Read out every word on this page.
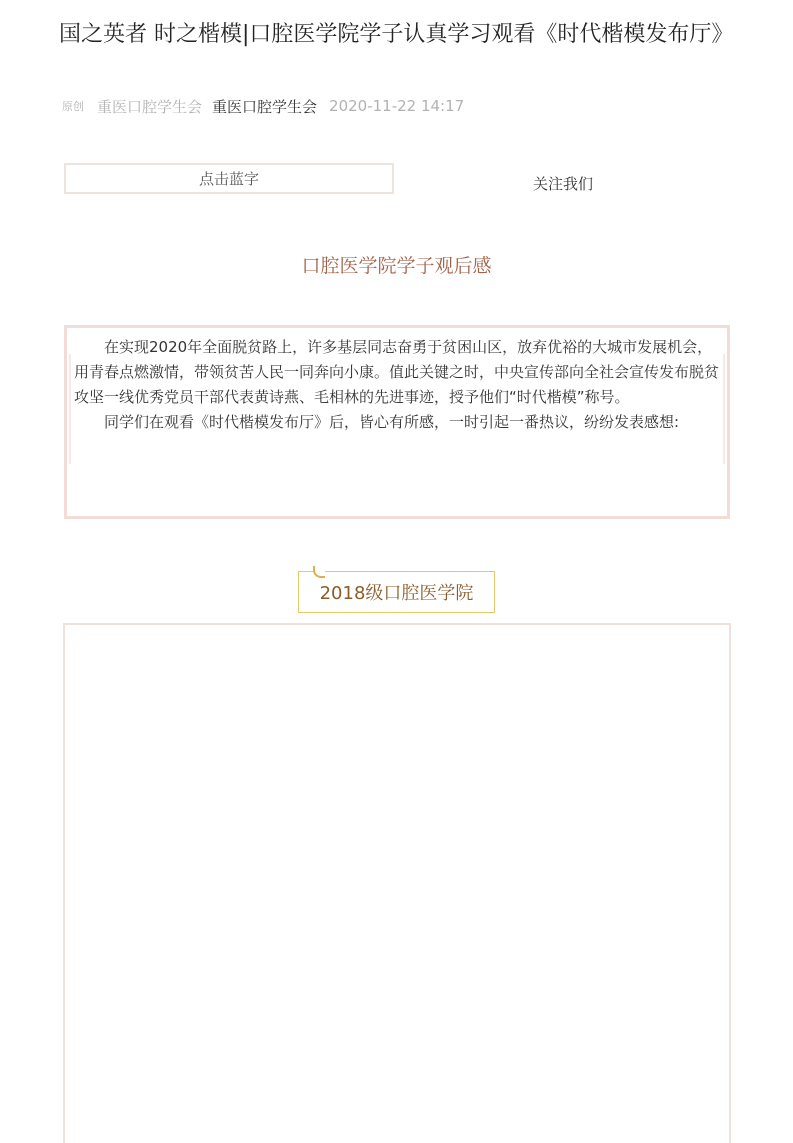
国之英者 时之楷模|口腔医学院学子认真学习观看《时代楷模发布厅》
原创 重医口腔学生会 重医口腔学生会 2020-11-22 14:17
点击蓝字	关注我们
口腔医学院学子观后感

在实现2020年全面脱贫路上，许多基层同志奋勇于贫困山区，放弃优裕的大城市发展机会，用青春点燃激情，带领贫苦人民一同奔向小康。值此关键之时，中央宣传部向全社会宣传发布脱贫攻坚一线优秀党员干部代表黄诗燕、毛相林的先进事迹，授予他们“时代楷模”称号。

同学们在观看《时代楷模发布厅》后，皆心有所感，一时引起一番热议，纷纷发表感想:

2018级口腔医学院
